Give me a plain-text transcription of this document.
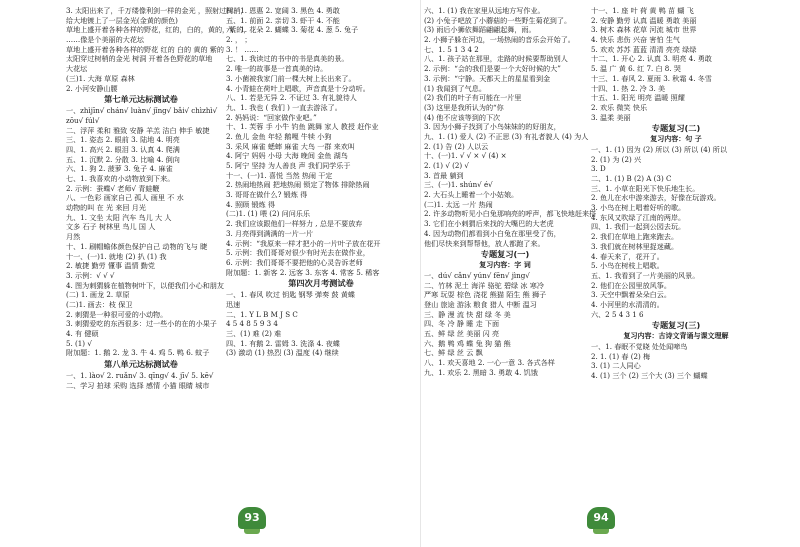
3. 太阳出来了，千万缕像利剑一样的金光 ，照射过树梢，
给大地镀上了一层金光(金黄的颜色)
草地上盛开着各种各样的野花，红的，白的，黄的，紫的，
……像是个美丽的大花坛
草地上盛开着各种各样的野花 红的 白的 黄的 紫的
太阳穿过树梢的金光 树洞 开着各色野花的草地
大花坛
(三)1. 大海 草原 森林
2. 小河安静山腰
第七单元达标测试卷
一、zhìjīn√ chán√ luàn√ jǐng√ bǎi√ chìzhì√
zōu√ fúl√
二、浮萍 柔和 雅致 安静 羊羔 洁白 伸手 敏捷
三、1. 姿态 2. 眼前 3. 陆地 4. 明亮
四、1. 高兴 2. 眼泪 3. 认真 4. 爬满
五、1. 沉默 2. 分散 3. 比喻 4. 倒向
六、1. 狗 2. 菠萝 3. 兔子 4. 麻雀
七、1. 我喜欢的小动物放到下来。
2. 示例：蚕蝶√ 老师√ 青蛙鞭
八、一色彩 画家自己 孤人 画里 不 水
动物的叫 在 光 来回 月光
九、1. 文坐 太阳 汽车 鸟儿 大 人
文多 石子 树林里 鸟儿 国 人
月然
十、1. 刷帽蟾体颜色保护自己 动物的飞与 睫
十一、(一)1. 就地 (2) 扒 (1) 我
2. 敏捷 勤劳 懂事 温情 勤党
3. 示例：√ √ √
4. 图为刺猬躲在植物树叶下，以便我们小心和朋友
(二) 1. 画龙 2. 草原
(二)1. 画去：枝 保卫
2. 刺猬是一种很可爱的小动物。
3. 刺猬爱吃的东西很多：过一些小的在的小果子
4. 有 健硕
5. (1) √
附加题：1. 鹅 2. 龙 3. 牛 4. 鸡 5. 鸭 6. 蚊子
第八单元达标测试卷
一、1. lào√ 2. ruǎn√ 3. qīng√ 4. jī√ 5. kē√
二、学习 拍球 采购 选择 感情 小猫 眼睛 城市
四、1. 恩惠 2. 宽阔 3. 黑色 4. 勇敢
五、1. 前面 2. 亲切 3. 虾干 4. 不能
六、1. 花朵 2. 蝴蝶 3. 菊花 4. 葱 5. 兔子
2. ， ；
3. ！ ……
七、1. 我读过的书中的书是真美的景。
2. 唯一的故事是一首真美的诗。
3. 小菌被我家门前一棵大树上长出来了。
4. 小青蛙在荷叶上唱歌，声音真是十分动听。
八、1. 若是无异 2. 不证过 3. 有礼貌待人
九、1. 我也 ( 我们 ) 一直去游泳了。
2. 妈妈说：“回家做作业吧。”
十、1. 芙蓉 手 小牛 钓鱼 跳舞 家人 教授 赶作业
2. 鱼儿 金鱼 年轻 鹅嘎 牛犊 小狗
3. 采风 麻雀 蟋蟀 麻雀 大鸟 一群 来欢叫
4. 阿宁 妈妈 小母 大海 晚间 金鱼 湖鸟
5. 阿宁 坚持 为人善良 声 我们同学乐于
十一、(一)1. 喜悦 当然 热闹 干定
2. 热闹地热闹 把地热闹 锁定了物体 排除热闹
3. 哥哥在做什么? 锻炼 得
4. 照顾 锻炼 得
(二)1. (1) 喂 (2) 问问乐乐
2. 我们应该跟他们一样努力 , 总是不要放弃
3. 月亮得到满满的一片一片
4. 示例：“我原来一样才把小的一片叶子放在花开
5. 示例：我们哥哥对很少有时光去在做作业，
6. 示例：我们哥哥不要把他的心灵告诉老师
附加题：1. 新客 2. 远客 3. 东客 4. 常客 5. 稀客
第四次月考测试卷
一、1. 春风 吹过 钥匙 钢琴 弹奏 鼓 黄蝶
迅速
二、1. Y L B M J S C
4 5 4 8 5 9 3 4
三、(1) 难 (2) 难
四、1. 有鹅 2. 雷姆 3. 洗涤 4. 夜蝶
(3) 激动 (1) 热烈 (3) 温度 (4) 继续
六、1. (1) 我在家里从远地方写作业。
(2) 小兔子吧放了小蘑菇的一些野生菊花到了。
(3) 雨后小狮依舞蹈翩翩起舞，雨。
2. 小狮子躲在河边，一场热闹的音乐会开始了。
七、1. 5 1 3 4 2
八、1. 孩子站在那里，走路的时候要帮助别人
2. 示例：“会的我们是要一个大好时候的大”
3. 示例：“宁静。天都天上的星星看到金
(1) 我闻到了气息。
(2) 我们的叶子有可能在一片里
(3) 这里是我所认为的“你
(4) 他不应该等到的下次
3. 因为小狮子找到了小鸟妹妹的的好朋友，
九、1. (1) 爱人 (2) 不正思 (3) 有礼者貌人 (4) 为人
2. (1) 告 (2) 人以云
十、(一)1. √ √ × √ (4) ×
2. (1) √ (2) √
3. 首最 躺到
三、(一)1. shún√ é√
2. 大石头上睡着一个小姑娘。
(二)1. 太远 一片 热闹
2. 许多动物听见小白兔那响亮的呼声，都飞快地赶来搭
3. 它们在小刺猬后来找的大嘴巴的大老虎
4. 因为动物们都看到小白兔在那里受了伤，
他们尽快来到帮帮他，放人都跑了来。
专题复习(一)
复习内容：字 词
一、dú√ cǎn√ yún√ fēn√ jìng√
二、竹林 泥土 海洋 骆驼 碧绿 冰 寒冷
严寒 玩耍 棕色 浇花 熊猫 陌生 熊 狮子
登山 旅途 游泳 粮食 猎人 中断 温习
三、静 漫 流 快 甜 绿 冬 美
四、冬 冷 静 睡 走 下面
五、鲜 绿 丝 美丽 闪 亮
六、鹅 鸭 鸡 蝶 兔 狗 猫 熊
七、鲜 绿 丝 云 飘
八、1. 欢天喜地 2. 一心一意 3. 各式各样
九、1. 欢乐 2. 黑暗 3. 勇敢 4. 饥饿
十一、1. 座 叶 荷 黄 鸭 苗 蝴 飞
2. 安静 勤劳 认真 温暖 勇敢 美丽
3. 树木 森林 花草 河流 城市 世界
4. 快乐 悲伤 兴奋 害怕 生气
5. 欢欢 苏苏 蓝蓝 清清 亮亮 绿绿
十二、1. 开心 2. 认真 3. 明亮 4. 勇敢
5. 温 广 黄 6. 红 7. 白 8. 哭
十三、1. 春风 2. 夏雨 3. 秋霜 4. 冬雪
十四、1. 热 2. 冷 3. 美
十五、1. 阳光 明亮 温暖 照耀
2. 欢乐 微笑 快乐
3. 温柔 美丽
专题复习(二)
复习内容：句 子
一、1. (1) 因为 (2) 所以 (3) 所以 (4) 所以
2. (1) 为 (2) 兴
3. D
二、1. (1) B (2) A (3) C
三、1. 小草在阳光下快乐地生长。
2. 鱼儿在水中游来游去，好像在玩游戏。
3. 小鸟在树上唱着好听的歌。
4. 东风又吹绿了江南的两岸。
四、1. 我们一起到公园去玩。
2. 我们在草地上跑来跑去。
3. 我们就在树林里捉迷藏。
4. 春天来了，花开了。
5. 小鸟在树枝上唱歌。
五、1. 我看到了一片美丽的风景。
2. 他们在公园里放风筝。
3. 天空中飘着朵朵白云。
4. 小河里的水清清的。
六、2 5 4 3 1 6
专题复习(三)
复习内容：古诗文背诵与课文理解
一、1. 春眠不觉晓 处处闻啼鸟
2. 1. (1) 春 (2) 梅
3. (1) 二人同心
4. (1) 三个 (2) 三个大 (3) 三个 蝴蝶
93	94
